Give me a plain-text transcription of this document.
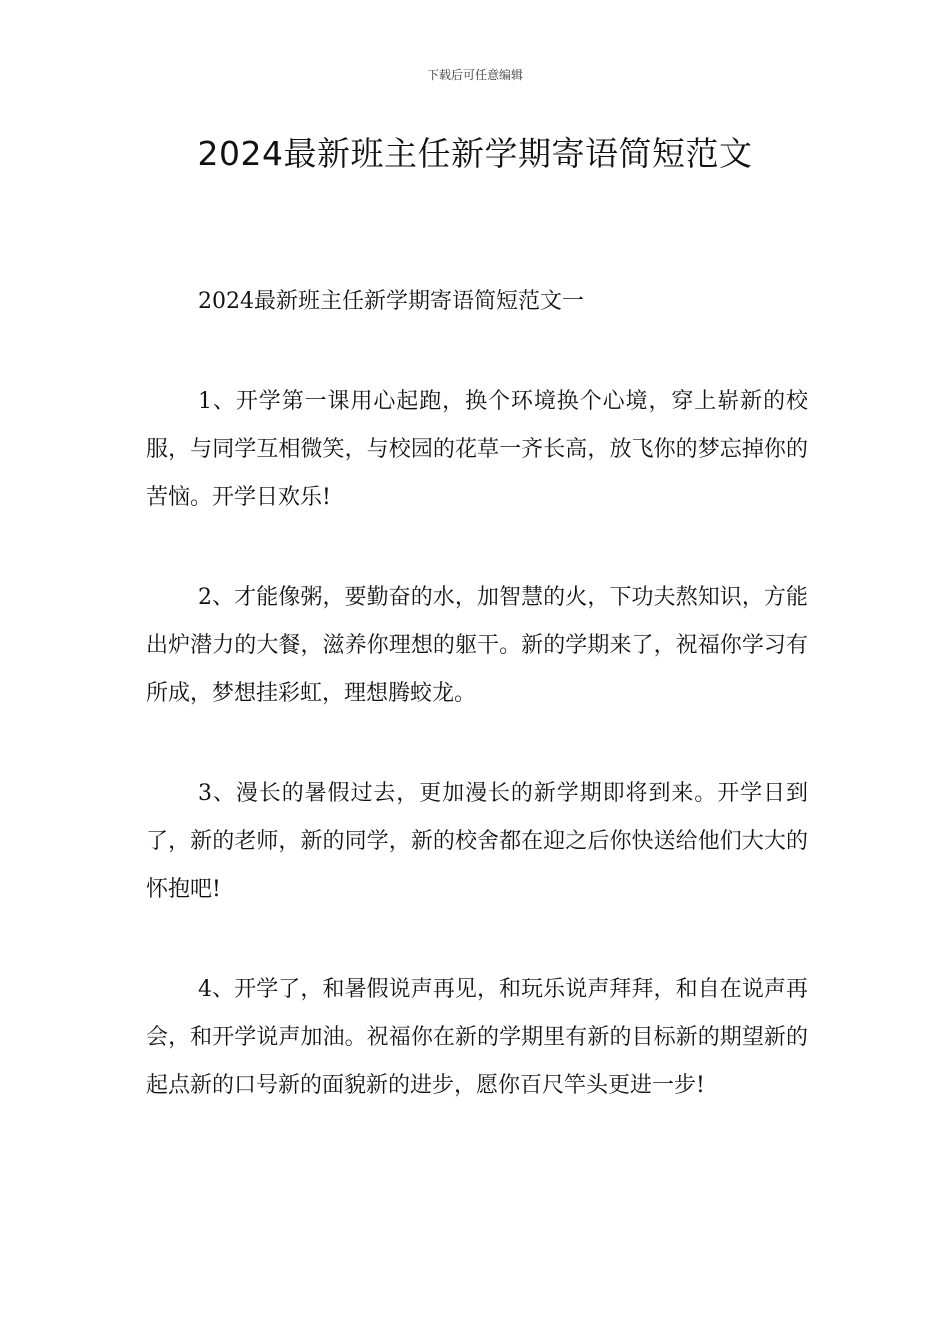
下载后可任意编辑
2024最新班主任新学期寄语简短范文

2024最新班主任新学期寄语简短范文一

1、开学第一课用心起跑，换个环境换个心境，穿上崭新的校服，与同学互相微笑，与校园的花草一齐长高，放飞你的梦忘掉你的苦恼。开学日欢乐!

2、才能像粥，要勤奋的水，加智慧的火，下功夫熬知识，方能出炉潜力的大餐，滋养你理想的躯干。新的学期来了，祝福你学习有所成，梦想挂彩虹，理想腾蛟龙。

3、漫长的暑假过去，更加漫长的新学期即将到来。开学日到了，新的老师，新的同学，新的校舍都在迎之后你快送给他们大大的怀抱吧!

4、开学了，和暑假说声再见，和玩乐说声拜拜，和自在说声再会，和开学说声加油。祝福你在新的学期里有新的目标新的期望新的起点新的口号新的面貌新的进步，愿你百尺竿头更进一步!
